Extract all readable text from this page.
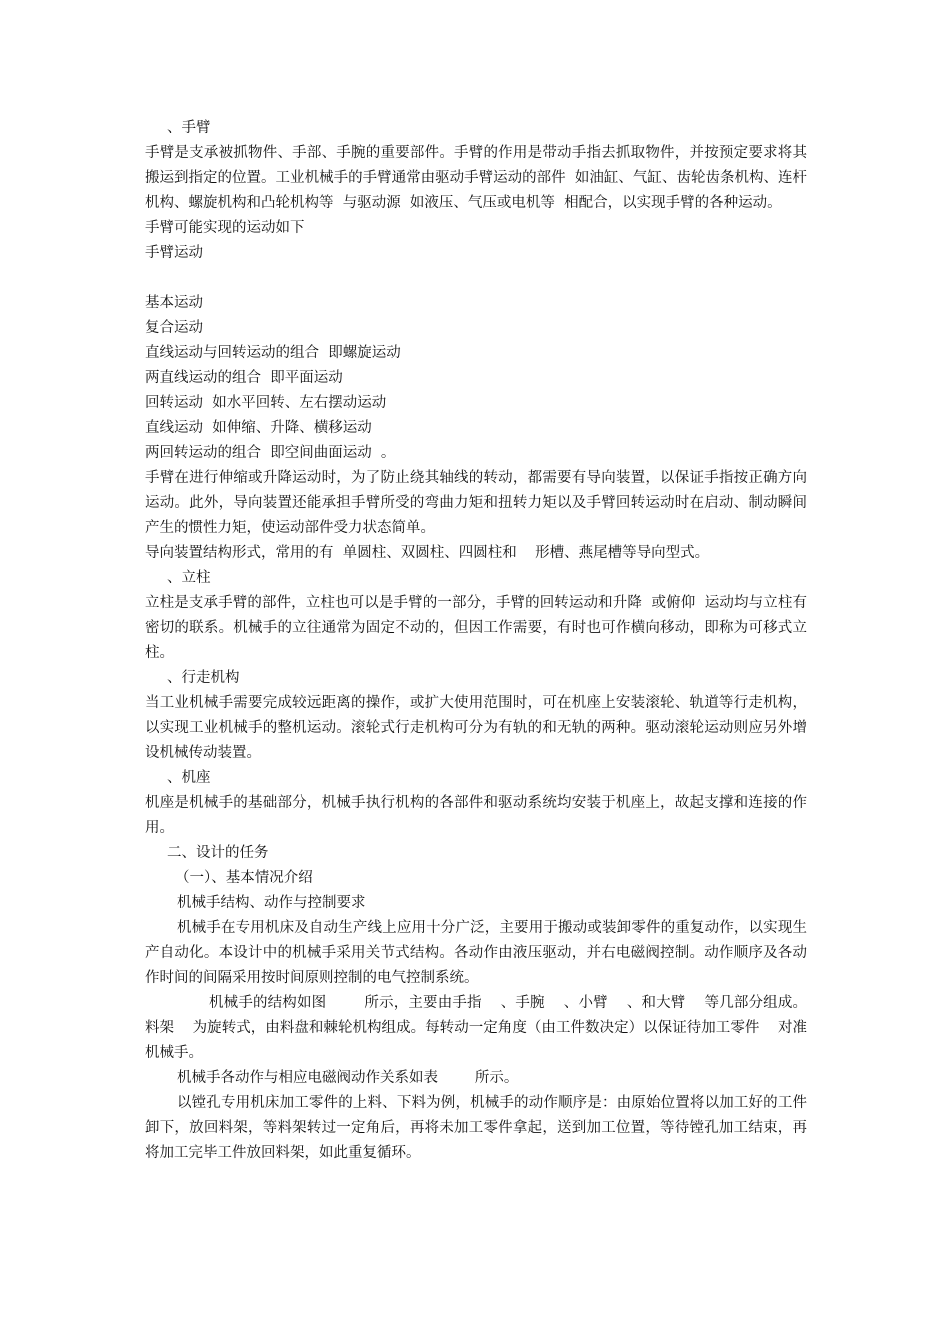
、手臂

手臂是支承被抓物件、手部、手腕的重要部件。手臂的作用是带动手指去抓取物件，并按预定要求将其搬运到指定的位置。工业机械手的手臂通常由驱动手臂运动的部件  如油缸、气缸、齿轮齿条机构、连杆机构、螺旋机构和凸轮机构等  与驱动源  如液压、气压或电机等  相配合，以实现手臂的各种运动。

手臂可能实现的运动如下

手臂运动

基本运动

复合运动

直线运动与回转运动的组合  即螺旋运动

两直线运动的组合  即平面运动

回转运动  如水平回转、左右摆动运动

直线运动  如伸缩、升降、横移运动

两回转运动的组合  即空间曲面运动  。

手臂在进行伸缩或升降运动时，为了防止绕其轴线的转动，都需要有导向装置，以保证手指按正确方向运动。此外，导向装置还能承担手臂所受的弯曲力矩和扭转力矩以及手臂回转运动时在启动、制动瞬间产生的惯性力矩，使运动部件受力状态简单。

导向装置结构形式，常用的有  单圆柱、双圆柱、四圆柱和    形槽、燕尾槽等导向型式。

、立柱

立柱是支承手臂的部件，立柱也可以是手臂的一部分，手臂的回转运动和升降  或俯仰  运动均与立柱有密切的联系。机械手的立往通常为固定不动的，但因工作需要，有时也可作横向移动，即称为可移式立柱。

、行走机构

当工业机械手需要完成较远距离的操作，或扩大使用范围时，可在机座上安装滚轮、轨道等行走机构，以实现工业机械手的整机运动。滚轮式行走机构可分为有轨的和无轨的两种。驱动滚轮运动则应另外增设机械传动装置。

、机座

机座是机械手的基础部分，机械手执行机构的各部件和驱动系统均安装于机座上，故起支撑和连接的作用。

二、设计的任务

（一）、基本情况介绍

机械手结构、动作与控制要求

机械手在专用机床及自动生产线上应用十分广泛，主要用于搬动或装卸零件的重复动作，以实现生产自动化。本设计中的机械手采用关节式结构。各动作由液压驱动，并右电磁阀控制。动作顺序及各动作时间的间隔采用按时间原则控制的电气控制系统。

机械手的结构如图        所示，主要由手指    、手腕    、小臂    、和大臂    等几部分组成。料架    为旋转式，由料盘和棘轮机构组成。每转动一定角度（由工件数决定）以保证待加工零件    对准机械手。

机械手各动作与相应电磁阀动作关系如表        所示。

以镗孔专用机床加工零件的上料、下料为例，机械手的动作顺序是：由原始位置将以加工好的工件卸下，放回料架，等料架转过一定角后，再将未加工零件拿起，送到加工位置，等待镗孔加工结束，再将加工完毕工件放回料架，如此重复循环。
